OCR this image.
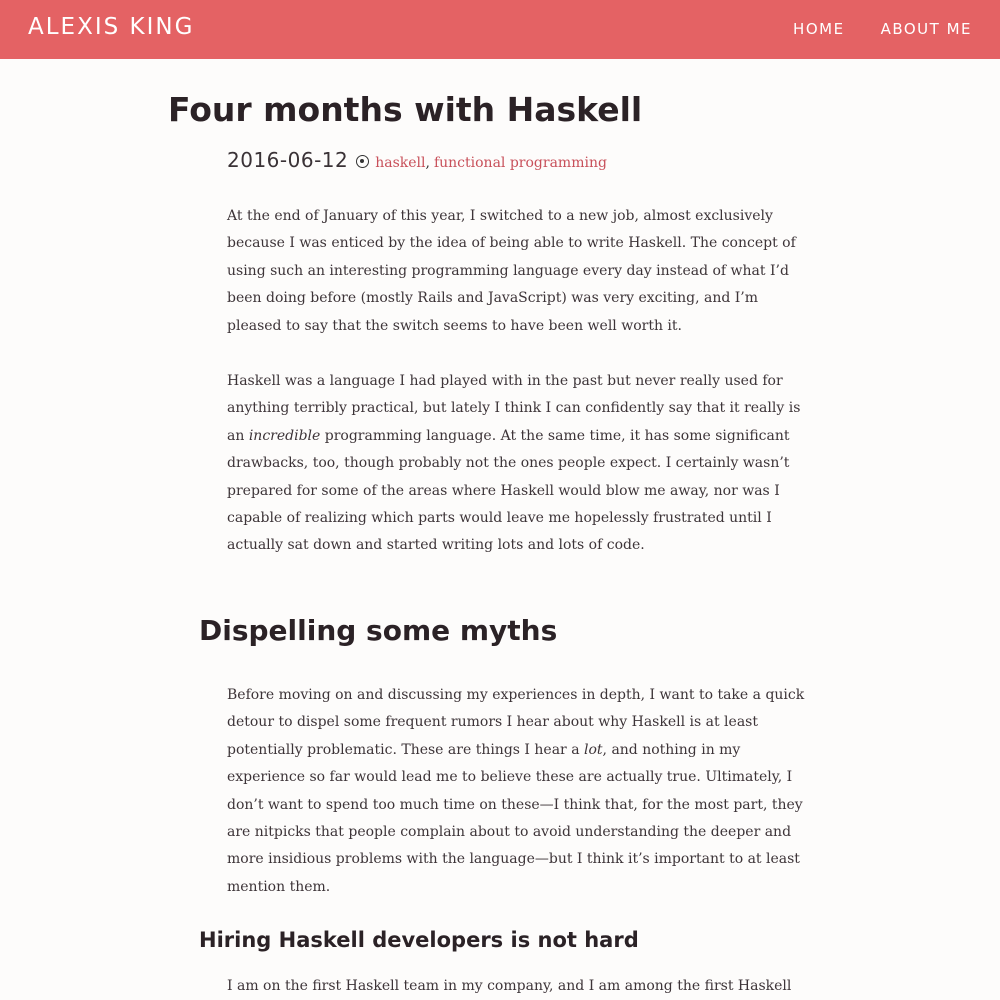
ALEXIS KING	HOME ABOUT ME
Four months with Haskell
2016-06-12 haskell , functional programming

At the end of January of this year, I switched to a new job, almost exclusively
because I was enticed by the idea of being able to write Haskell. The concept of
using such an interesting programming language every day instead of what I’d
been doing before (mostly Rails and JavaScript) was very exciting, and I’m
pleased to say that the switch seems to have been well worth it.

Haskell was a language I had played with in the past but never really used for
anything terribly practical, but lately I think I can confidently say that it really is
an incredible programming language. At the same time, it has some significant
drawbacks, too, though probably not the ones people expect. I certainly wasn’t
prepared for some of the areas where Haskell would blow me away, nor was I
capable of realizing which parts would leave me hopelessly frustrated until I
actually sat down and started writing lots and lots of code.

Dispelling some myths

Before moving on and discussing my experiences in depth, I want to take a quick
detour to dispel some frequent rumors I hear about why Haskell is at least
potentially problematic. These are things I hear a lot, and nothing in my
experience so far would lead me to believe these are actually true. Ultimately, I
don’t want to spend too much time on these—I think that, for the most part, they
are nitpicks that people complain about to avoid understanding the deeper and
more insidious problems with the language—but I think it’s important to at least
mention them.

Hiring Haskell developers is not hard

I am on the first Haskell team in my company, and I am among the first Haskell
